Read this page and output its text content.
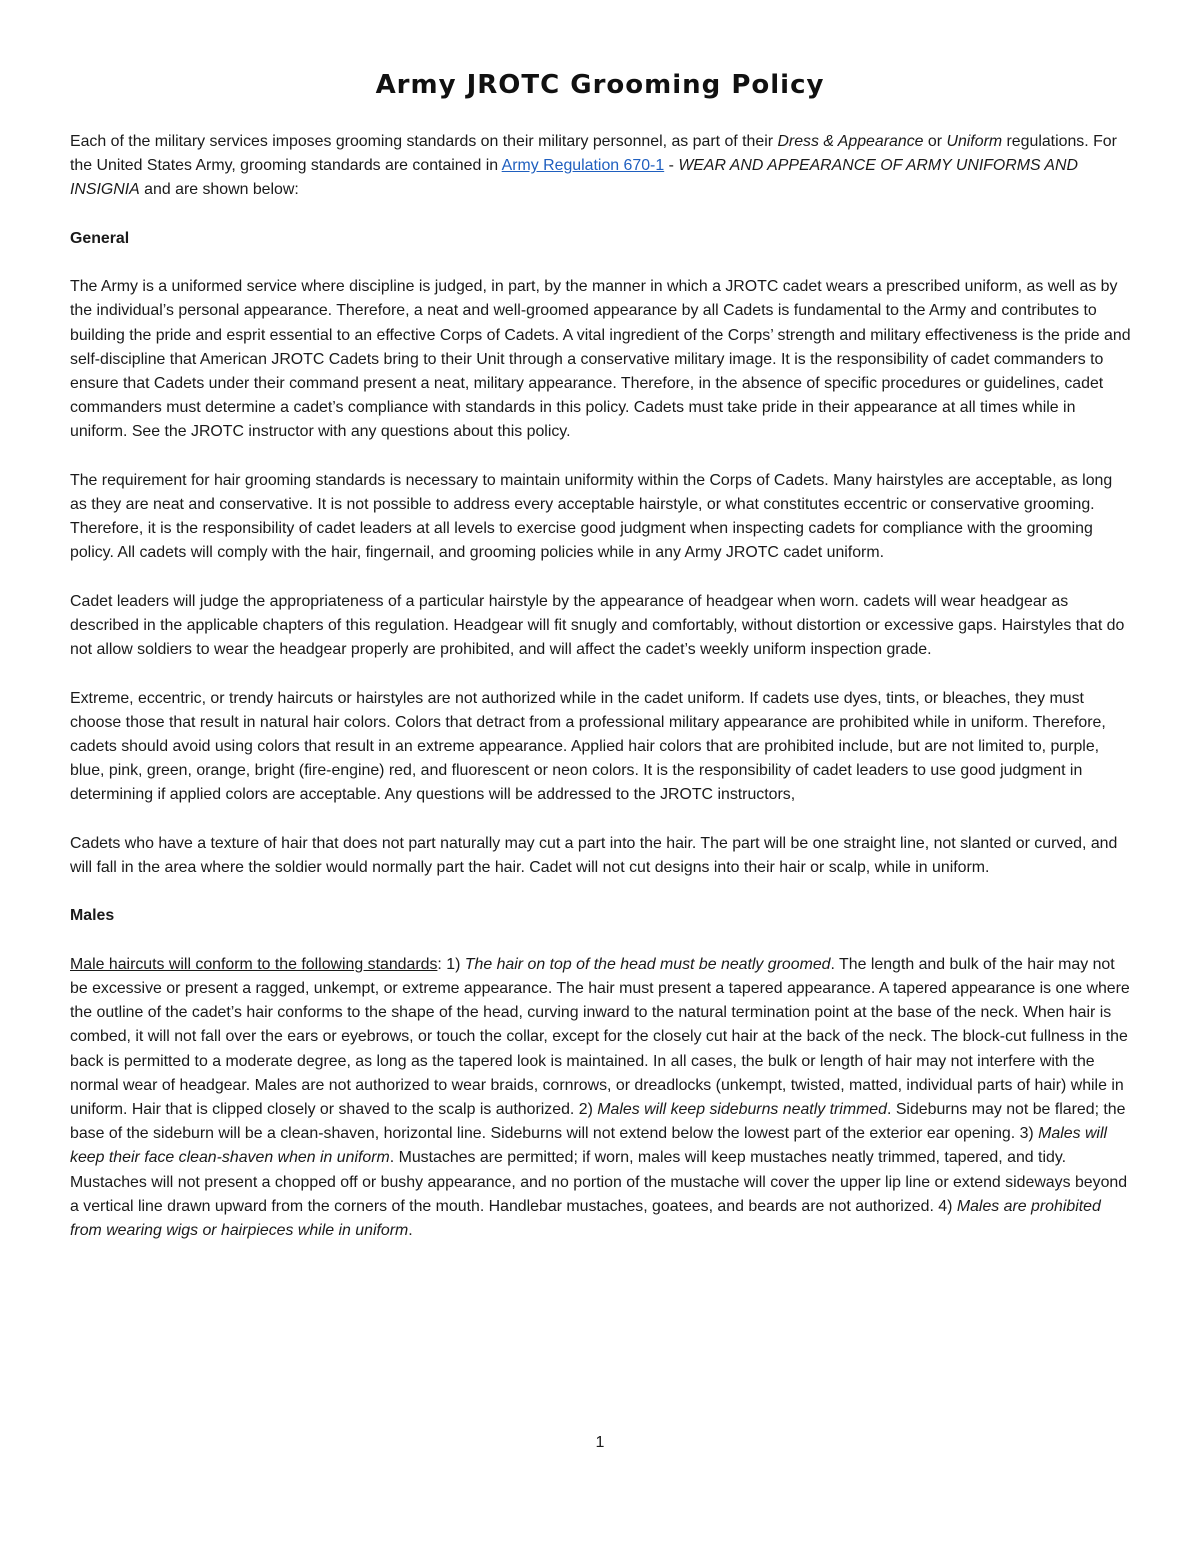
Army JROTC Grooming Policy

Each of the military services imposes grooming standards on their military personnel, as part of their Dress & Appearance or Uniform regulations. For the United States Army, grooming standards are contained in Army Regulation 670-1 - WEAR AND APPEARANCE OF ARMY UNIFORMS AND INSIGNIA and are shown below:

General

The Army is a uniformed service where discipline is judged, in part, by the manner in which a JROTC cadet wears a prescribed uniform, as well as by the individual’s personal appearance. Therefore, a neat and well-groomed appearance by all Cadets is fundamental to the Army and contributes to building the pride and esprit essential to an effective Corps of Cadets. A vital ingredient of the Corps’ strength and military effectiveness is the pride and self-discipline that American JROTC Cadets bring to their Unit through a conservative military image. It is the responsibility of cadet commanders to ensure that Cadets under their command present a neat, military appearance. Therefore, in the absence of specific procedures or guidelines, cadet commanders must determine a cadet’s compliance with standards in this policy. Cadets must take pride in their appearance at all times while in uniform. See the JROTC instructor with any questions about this policy.

The requirement for hair grooming standards is necessary to maintain uniformity within the Corps of Cadets. Many hairstyles are acceptable, as long as they are neat and conservative. It is not possible to address every acceptable hairstyle, or what constitutes eccentric or conservative grooming. Therefore, it is the responsibility of cadet leaders at all levels to exercise good judgment when inspecting cadets for compliance with the grooming policy. All cadets will comply with the hair, fingernail, and grooming policies while in any Army JROTC cadet uniform.

Cadet leaders will judge the appropriateness of a particular hairstyle by the appearance of headgear when worn. cadets will wear headgear as described in the applicable chapters of this regulation. Headgear will fit snugly and comfortably, without distortion or excessive gaps. Hairstyles that do not allow soldiers to wear the headgear properly are prohibited, and will affect the cadet’s weekly uniform inspection grade.

Extreme, eccentric, or trendy haircuts or hairstyles are not authorized while in the cadet uniform. If cadets use dyes, tints, or bleaches, they must choose those that result in natural hair colors. Colors that detract from a professional military appearance are prohibited while in uniform. Therefore, cadets should avoid using colors that result in an extreme appearance. Applied hair colors that are prohibited include, but are not limited to, purple, blue, pink, green, orange, bright (fire-engine) red, and fluorescent or neon colors. It is the responsibility of cadet leaders to use good judgment in determining if applied colors are acceptable. Any questions will be addressed to the JROTC instructors,

Cadets who have a texture of hair that does not part naturally may cut a part into the hair. The part will be one straight line, not slanted or curved, and will fall in the area where the soldier would normally part the hair. Cadet will not cut designs into their hair or scalp, while in uniform.

Males

Male haircuts will conform to the following standards: 1) The hair on top of the head must be neatly groomed. The length and bulk of the hair may not be excessive or present a ragged, unkempt, or extreme appearance. The hair must present a tapered appearance. A tapered appearance is one where the outline of the cadet’s hair conforms to the shape of the head, curving inward to the natural termination point at the base of the neck. When hair is combed, it will not fall over the ears or eyebrows, or touch the collar, except for the closely cut hair at the back of the neck. The block-cut fullness in the back is permitted to a moderate degree, as long as the tapered look is maintained. In all cases, the bulk or length of hair may not interfere with the normal wear of headgear. Males are not authorized to wear braids, cornrows, or dreadlocks (unkempt, twisted, matted, individual parts of hair) while in uniform. Hair that is clipped closely or shaved to the scalp is authorized. 2) Males will keep sideburns neatly trimmed. Sideburns may not be flared; the base of the sideburn will be a clean-shaven, horizontal line. Sideburns will not extend below the lowest part of the exterior ear opening. 3) Males will keep their face clean-shaven when in uniform. Mustaches are permitted; if worn, males will keep mustaches neatly trimmed, tapered, and tidy. Mustaches will not present a chopped off or bushy appearance, and no portion of the mustache will cover the upper lip line or extend sideways beyond a vertical line drawn upward from the corners of the mouth. Handlebar mustaches, goatees, and beards are not authorized. 4) Males are prohibited from wearing wigs or hairpieces while in uniform.

1
